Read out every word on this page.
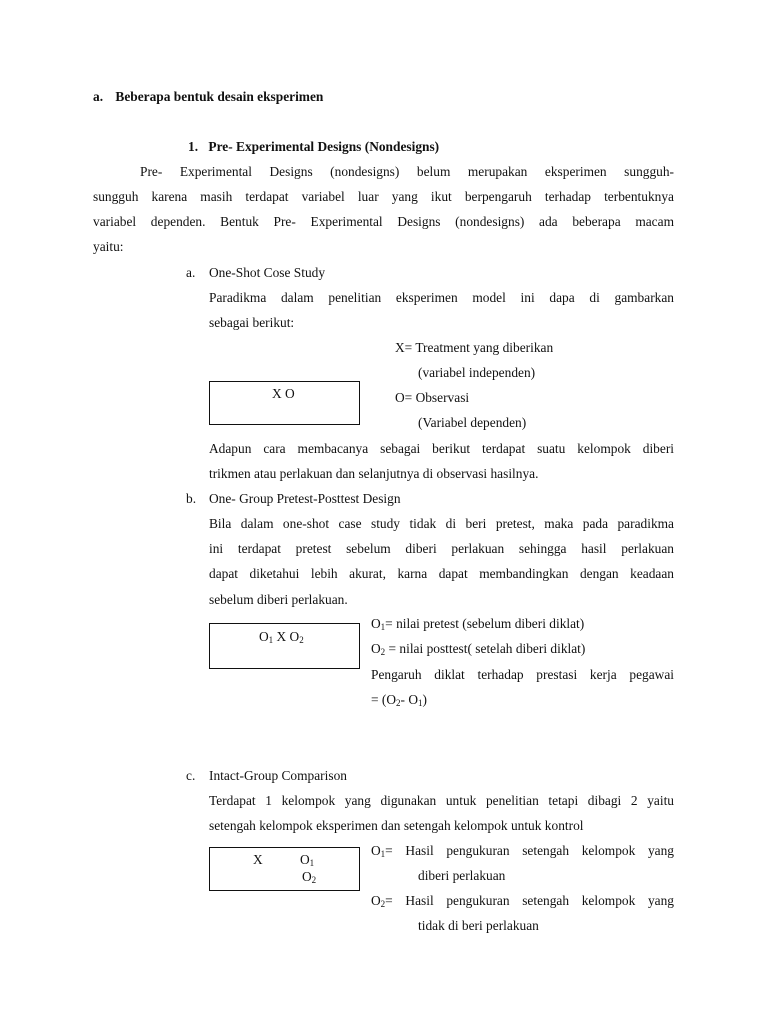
a. Beberapa bentuk desain eksperimen
1. Pre- Experimental Designs (Nondesigns)
Pre- Experimental Designs (nondesigns) belum merupakan eksperimen sungguh-
sungguh karena masih terdapat variabel luar yang ikut berpengaruh terhadap terbentuknya
variabel dependen. Bentuk Pre- Experimental Designs (nondesigns) ada beberapa macam
yaitu:
a. One-Shot Cose Study
Paradikma dalam penelitian eksperimen model ini dapa di gambarkan
sebagai berikut:
X= Treatment yang diberikan
(variabel independen)
O= Observasi
(Variabel dependen)
X O
Adapun cara membacanya sebagai berikut terdapat suatu kelompok diberi
trikmen atau perlakuan dan selanjutnya di observasi hasilnya.
b. One- Group Pretest-Posttest Design
Bila dalam one-shot case study tidak di beri pretest, maka pada paradikma
ini terdapat pretest sebelum diberi perlakuan sehingga hasil perlakuan
dapat diketahui lebih akurat, karna dapat membandingkan dengan keadaan
sebelum diberi perlakuan.
$O_1$ X $O_2$
$O_1=$ nilai pretest (sebelum diberi diklat)
$O_2$ = nilai posttest( setelah diberi diklat)
Pengaruh diklat terhadap prestasi kerja pegawai
= ($O_2-$ $O_1$)
c. Intact-Group Comparison
Terdapat 1 kelompok yang digunakan untuk penelitian tetapi dibagi 2 yaitu
setengah kelompok eksperimen dan setengah kelompok untuk kontrol
X	$O_1$
$O_2$
$O_1=$ Hasil pengukuran setengah kelompok yang
diberi perlakuan
$O_2=$ Hasil pengukuran setengah kelompok yang
tidak di beri perlakuan
